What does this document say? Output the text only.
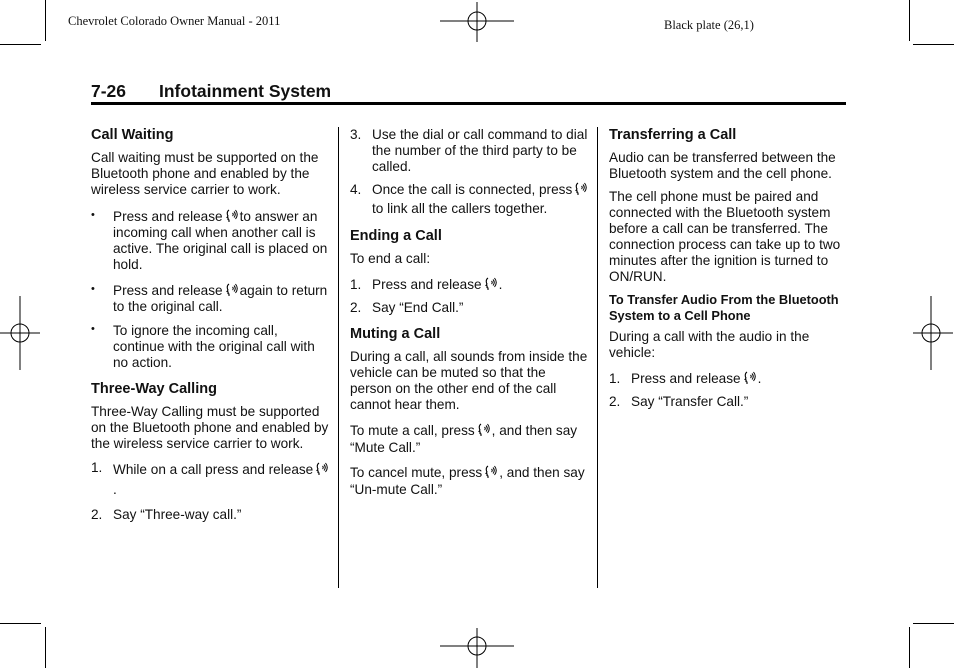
Chevrolet Colorado Owner Manual - 2011	Black plate (26,1)
7-26 Infotainment System
Call Waiting

Call waiting must be supported on the Bluetooth phone and enabled by the wireless service carrier to work.

• Press and release to answer an incoming call when another call is active. The original call is placed on hold.
• Press and release again to return to the original call.
• To ignore the incoming call, continue with the original call with no action.
Three-Way Calling

Three-Way Calling must be supported on the Bluetooth phone and enabled by the wireless service carrier to work.

1. While on a call press and release.
2. Say “Three-way call.”
3. Use the dial or call command to dial the number of the third party to be called.
4. Once the call is connected, pressto link all the callers together.
Ending a Call

To end a call:

1. Press and release .
2. Say “End Call.”
Muting a Call

During a call, all sounds from inside the vehicle can be muted so that the person on the other end of the call cannot hear them.

To mute a call, press , and then say “Mute Call.”

To cancel mute, press , and then say “Un-mute Call.”

Transferring a Call

Audio can be transferred between the Bluetooth system and the cell phone.

The cell phone must be paired and connected with the Bluetooth system before a call can be transferred. The connection process can take up to two minutes after the ignition is turned to ON/RUN.

To Transfer Audio From the Bluetooth System to a Cell Phone

During a call with the audio in the vehicle:

1. Press and release .
2. Say “Transfer Call.”
